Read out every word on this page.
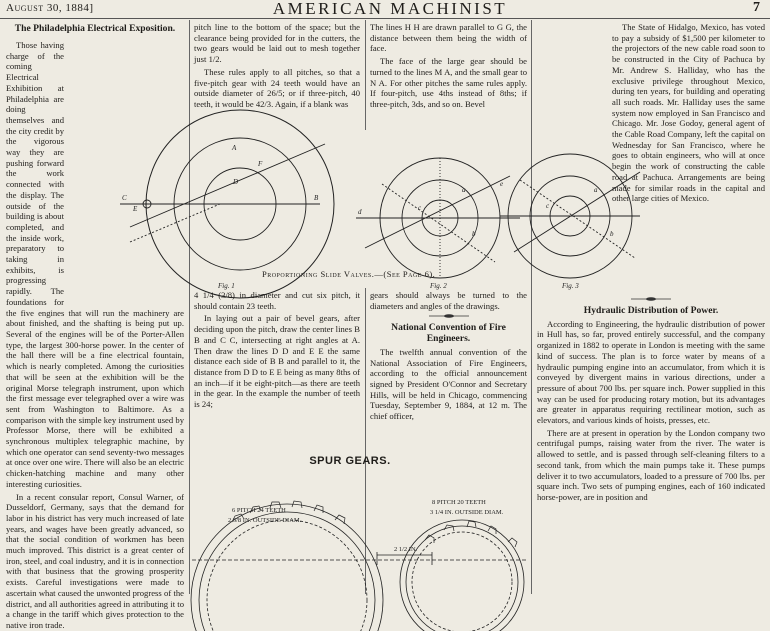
August 30, 1884]	AMERICAN MACHINIST	7

The Philadelphia Electrical Exposition.

Those having charge of the coming Electrical Exhibition at Philadelphia are doing themselves and the city credit by the vigorous way they are pushing forward the work connected with the display. The outside of the building is about completed, and the inside work, preparatory to taking in exhibits, is progressing rapidly. The foundations for the five engines that will run the machinery are about finished, and the shafting is being put up. Several of the engines will be of the Porter-Allen type, the largest 300-horse power. In the center of the hall there will be a fine electrical fountain, which is nearly completed. Among the curiosities that will be seen at the exhibition will be the original Morse telegraph instrument, upon which the first message ever telegraphed over a wire was sent from Washington to Baltimore. As a comparison with the simple key instrument used by Professor Morse, there will be exhibited a synchronous multiplex telegraphic machine, by which one operator can send seventy-two messages at once over one wire. There will also be an electric chicken-hatching machine and many other interesting curiosities.

In a recent consular report, Consul Warner, of Dusseldorf, Germany, says that the demand for labor in his district has very much increased of late years, and wages have been greatly advanced, so that the social condition of workmen has been much improved. This district is a great center of iron, steel, and coal industry, and it is in connection with that business that the growing prosperity exists. Careful investigations were made to ascertain what caused the unwonted progress of the district, and all authorities agreed in attributing it to a change in the tariff which gives protection to the native iron trade.

pitch line to the bottom of the space; but the clearance being provided for in the cutters, the two gears would be laid out to mesh together just 1/2.

These rules apply to all pitches, so that a five-pitch gear with 24 teeth would have an outside diameter of 26/5; or if three-pitch, 40 teeth, it would be 42/3. Again, if a blank was

The lines H H are drawn parallel to G G, the distance between them being the width of face.

The face of the large gear should be turned to the lines M A, and the small gear to N A. For other pitches the same rules apply. If four-pitch, use 4ths instead of 8ths; if three-pitch, 3ds, and so on. Bevel

The State of Hidalgo, Mexico, has voted to pay a subsidy of $1,500 per kilometer to the projectors of the new cable road soon to be constructed in the City of Pachuca by Mr. Andrew S. Halliday, who has the exclusive privilege throughout Mexico, during ten years, for building and operating all such roads. Mr. Halliday uses the same system now employed in San Francisco and Chicago. Mr. Jose Godoy, general agent of the Cable Road Company, left the capital on Wednesday for San Francisco, where he goes to obtain engineers, who will at once begin the work of constructing the cable road at Pachuca. Arrangements are being made for similar roads in the capital and other large cities of Mexico.

Hydraulic Distribution of Power.

According to Engineering, the hydraulic distribution of power in Hull has, so far, proved entirely successful, and the company organized in 1882 to operate in London is meeting with the same kind of success. The plan is to force water by means of a hydraulic pumping engine into an accumulator, from which it is conveyed by divergent mains in various directions, under a pressure of about 700 lbs. per square inch. Power supplied in this way can be used for producing rotary motion, but its advantages are greater in apparatus requiring rectilinear motion, such as elevators, and various kinds of hoists, presses, etc.

There are at present in operation by the London company two centrifugal pumps, raising water from the river. The water is allowed to settle, and is passed through self-cleaning filters to a second tank, from which the main pumps take it. These pumps deliver it to two accumulators, loaded to a pressure of 700 lbs. per square inch. Two sets of pumping engines, each of 160 indicated horse-power, are in position and

C
E
A
F
D
B
Fig. 1
d
e
a
b
c
Fig. 2
a
b
c
Fig. 3
Proportioning Slide Valves.—(See Page 6).

4 1/4 (3/8) in diameter and cut six pitch, it should contain 23 teeth.

In laying out a pair of bevel gears, after deciding upon the pitch, draw the center lines B B and C C, intersecting at right angles at A. Then draw the lines D D and E E the same distance each side of B B and parallel to it, the distance from D D to E E being as many 8ths of an inch—if it be eight-pitch—as there are teeth in the gear. In the example the number of teeth is 24;

gears should always be turned to the diameters and angles of the drawings.

National Convention of Fire Engineers.

The twelfth annual convention of the National Association of Fire Engineers, according to the official announcement signed by President O'Connor and Secretary Hills, will be held in Chicago, commencing Tuesday, September 9, 1884, at 12 m. The chief officer,

SPUR GEARS.
6 PITCH 24 TEETH
2 5/8 IN. OUTSIDE DIAM.
8 PITCH 20 TEETH
3 1/4 IN. OUTSIDE DIAM.
2 1/2 IN.
